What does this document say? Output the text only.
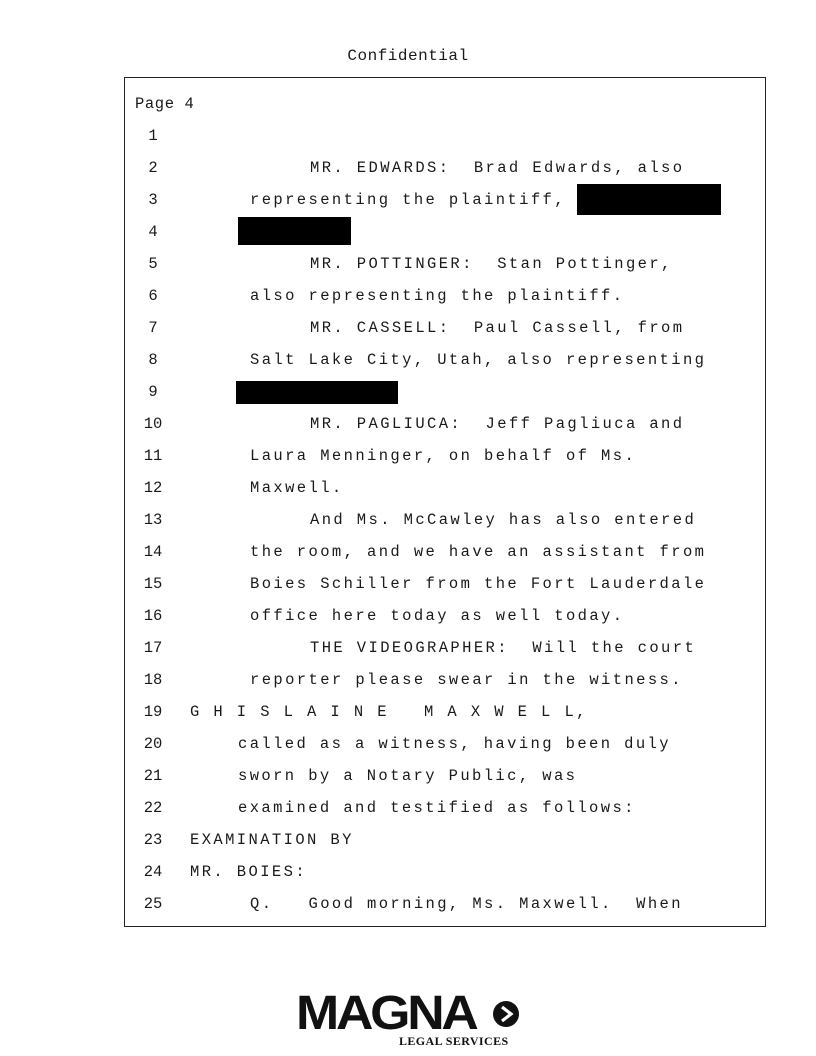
Confidential
Page 4
1
2
3
4
5
6
7
8
9
10
11
12
13
14
15
16
17
18
19
20
21
22
23
24
25
MR. EDWARDS:  Brad Edwards, also
representing the plaintiff,
MR. POTTINGER:  Stan Pottinger,
also representing the plaintiff.
MR. CASSELL:  Paul Cassell, from
Salt Lake City, Utah, also representing
MR. PAGLIUCA:  Jeff Pagliuca and
Laura Menninger, on behalf of Ms.
Maxwell.
And Ms. McCawley has also entered
the room, and we have an assistant from
Boies Schiller from the Fort Lauderdale
office here today as well today.
THE VIDEOGRAPHER:  Will the court
reporter please swear in the witness.
G H I S L A I N E   M A X W E L L,
called as a witness, having been duly
sworn by a Notary Public, was
examined and testified as follows:
EXAMINATION BY
MR. BOIES:
Q.   Good morning, Ms. Maxwell.  When
MAGNA
LEGAL SERVICES
